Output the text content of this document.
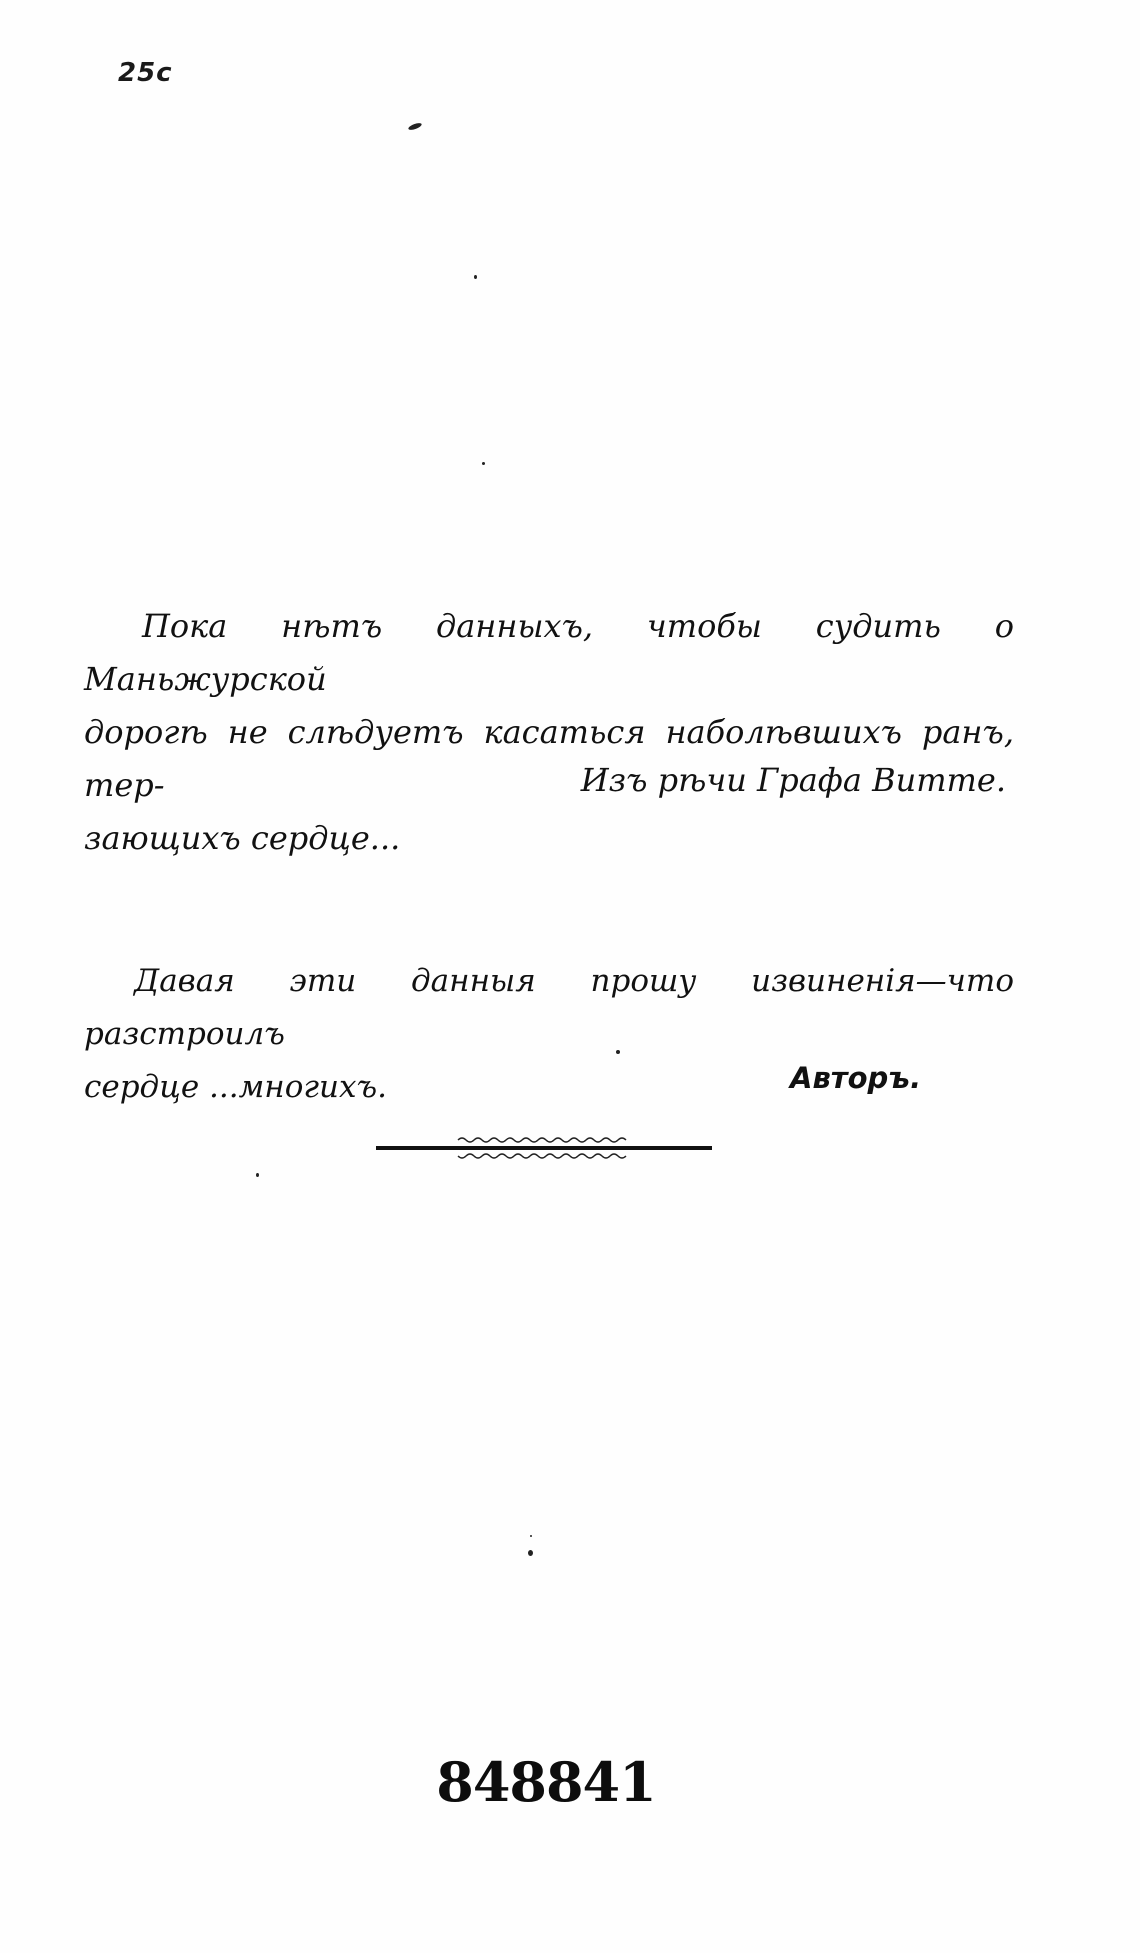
25c

Пока нѣтъ данныхъ, чтобы судить о Маньжурской

дорогѣ не слѣдуетъ касаться наболѣвшихъ ранъ, тер-

зающихъ сердце...

Изъ рѣчи Графа Витте.

Давая эти данныя прошу извиненія—что разстроилъ

сердце ...многихъ.	Авторъ.
848841
